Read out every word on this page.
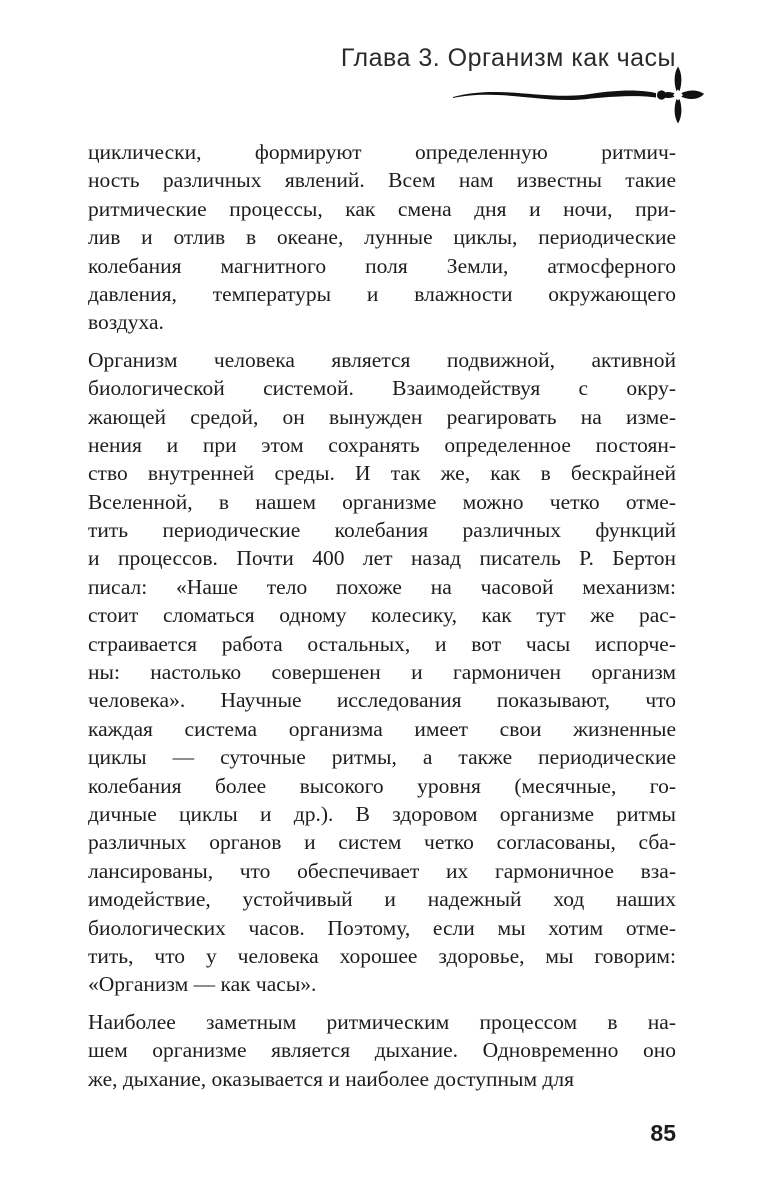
Глава 3. Организм как часы
циклически, формируют определенную ритмич-
ность различных явлений. Всем нам известны такие
ритмические процессы, как смена дня и ночи, при-
лив и отлив в океане, лунные циклы, периодические
колебания магнитного поля Земли, атмосферного
давления, температуры и влажности окружающего
воздуха.
Организм человека является подвижной, активной
биологической системой. Взаимодействуя с окру-
жающей средой, он вынужден реагировать на изме-
нения и при этом сохранять определенное постоян-
ство внутренней среды. И так же, как в бескрайней
Вселенной, в нашем организме можно четко отме-
тить периодические колебания различных функций
и процессов. Почти 400 лет назад писатель Р. Бертон
писал: «Наше тело похоже на часовой механизм:
стоит сломаться одному колесику, как тут же рас-
страивается работа остальных, и вот часы испорче-
ны: настолько совершенен и гармоничен организм
человека». Научные исследования показывают, что
каждая система организма имеет свои жизненные
циклы — суточные ритмы, а также периодические
колебания более высокого уровня (месячные, го-
дичные циклы и др.). В здоровом организме ритмы
различных органов и систем четко согласованы, сба-
лансированы, что обеспечивает их гармоничное вза-
имодействие, устойчивый и надежный ход наших
биологических часов. Поэтому, если мы хотим отме-
тить, что у человека хорошее здоровье, мы говорим:
«Организм — как часы».
Наиболее заметным ритмическим процессом в на-
шем организме является дыхание. Одновременно оно
же, дыхание, оказывается и наиболее доступным для
85
